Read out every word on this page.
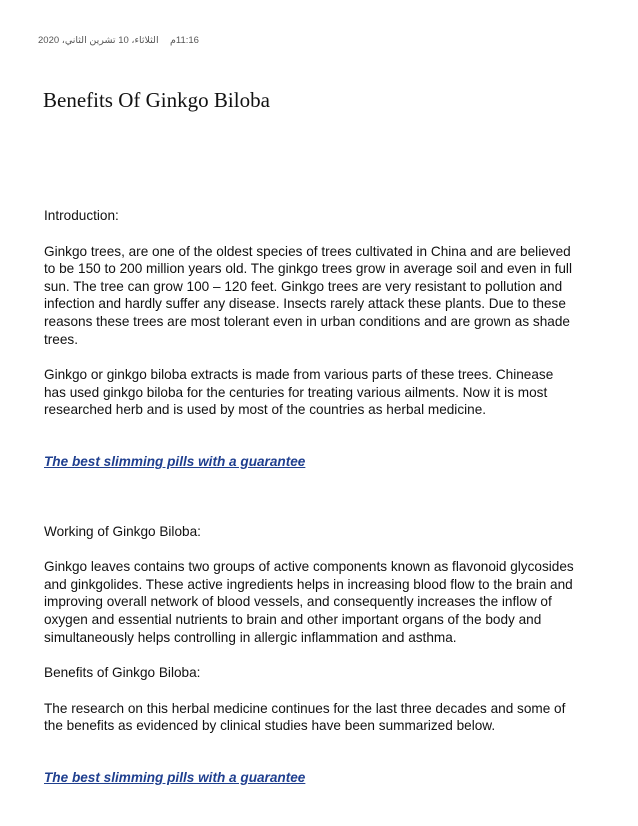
الثلاثاء، 10 تشرين الثاني، 2020 11:16م
Benefits Of Ginkgo Biloba

Introduction:

Ginkgo trees, are one of the oldest species of trees cultivated in China and are believed to be 150 to 200 million years old. The ginkgo trees grow in average soil and even in full sun. The tree can grow 100 – 120 feet. Ginkgo trees are very resistant to pollution and infection and hardly suffer any disease. Insects rarely attack these plants. Due to these reasons these trees are most tolerant even in urban conditions and are grown as shade trees.

Ginkgo or ginkgo biloba extracts is made from various parts of these trees. Chinease has used ginkgo biloba for the centuries for treating various ailments. Now it is most researched herb and is used by most of the countries as herbal medicine.

The best slimming pills with a guarantee

Working of Ginkgo Biloba:

Ginkgo leaves contains two groups of active components known as flavonoid glycosides and ginkgolides. These active ingredients helps in increasing blood flow to the brain and improving overall network of blood vessels, and consequently increases the inflow of oxygen and essential nutrients to brain and other important organs of the body and simultaneously helps controlling in allergic inflammation and asthma.

Benefits of Ginkgo Biloba:

The research on this herbal medicine continues for the last three decades and some of the benefits as evidenced by clinical studies have been summarized below.

The best slimming pills with a guarantee
